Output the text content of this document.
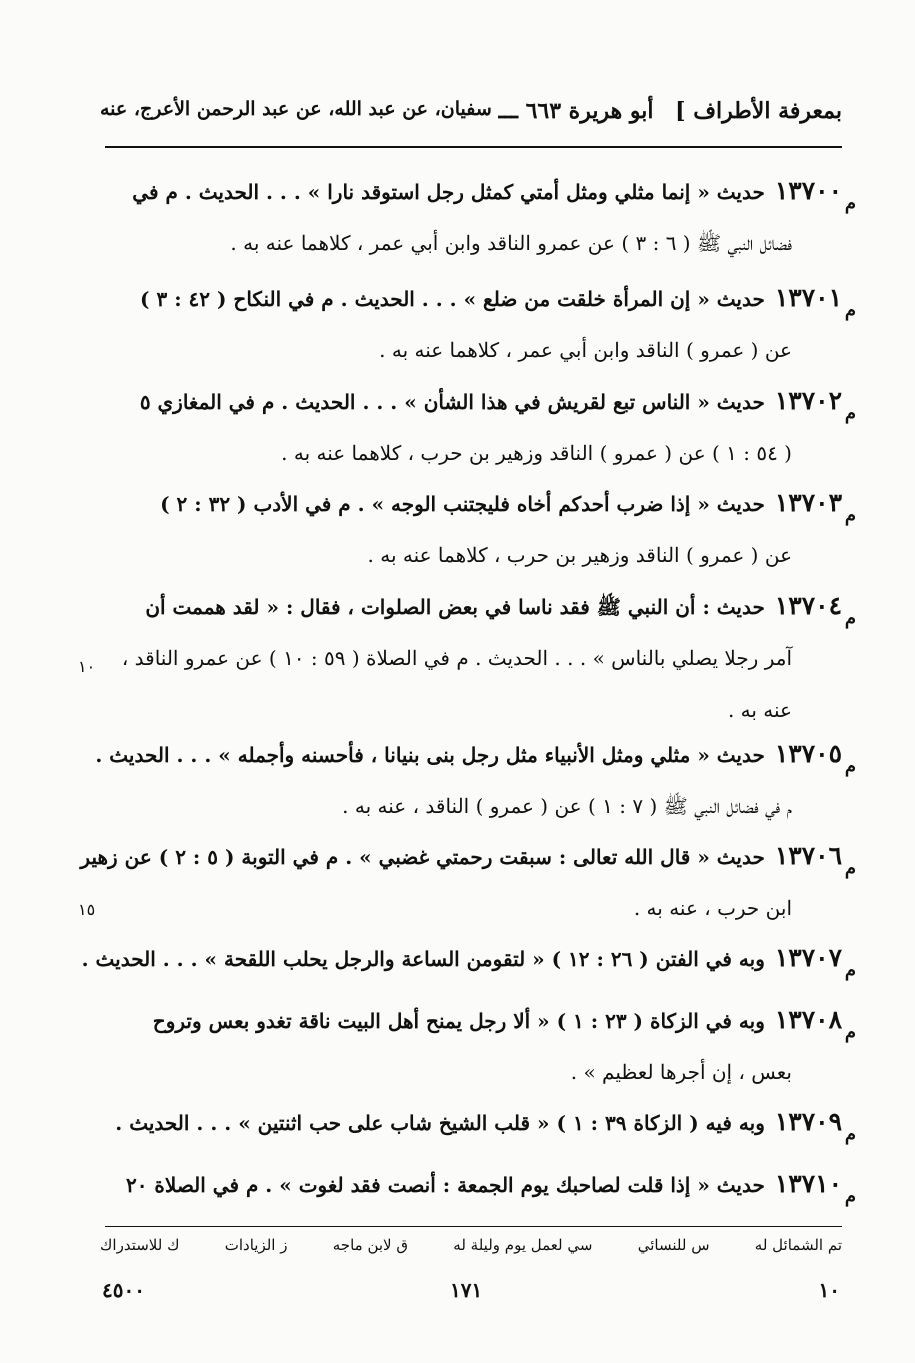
بمعرفة الأطراف ] أبو هريرة ٦٦٣ ـــ
سفيان، عن عبد الله، عن عبد الرحمن الأعرج، عنه
١٣٧٠٠حديث « إنما مثلي ومثل أمتي كمثل رجل استوقد نارا » . . . الحديث . م في	م
فضائل النبي ﷺ ( ٦ : ٣ ) عن عمرو الناقد وابن أبي عمر ، كلاهما عنه به .
١٣٧٠١حديث « إن المرأة خلقت من ضلع » . . . الحديث . م في النكاح ( ٤٢ : ٣ )	م
عن ( عمرو ) الناقد وابن أبي عمر ، كلاهما عنه به .
١٣٧٠٢حديث « الناس تبع لقريش في هذا الشأن » . . . الحديث . م في المغازي ٥	م
( ٥٤ : ١ ) عن ( عمرو ) الناقد وزهير بن حرب ، كلاهما عنه به .
١٣٧٠٣حديث « إذا ضرب أحدكم أخاه فليجتنب الوجه » . م في الأدب ( ٣٢ : ٢ )	م
عن ( عمرو ) الناقد وزهير بن حرب ، كلاهما عنه به .
١٣٧٠٤حديث : أن النبي ﷺ فقد ناسا في بعض الصلوات ، فقال : « لقد هممت أن	م
آمر رجلا يصلي بالناس » . . . الحديث . م في الصلاة ( ٥٩ : ١٠ ) عن عمرو الناقد ،
عنه به .
١٣٧٠٥حديث « مثلي ومثل الأنبياء مثل رجل بنى بنيانا ، فأحسنه وأجمله » . . . الحديث .	م
م في فضائل النبي ﷺ ( ٧ : ١ ) عن ( عمرو ) الناقد ، عنه به .
١٣٧٠٦حديث « قال الله تعالى : سبقت رحمتي غضبي » . م في التوبة ( ٥ : ٢ ) عن زهير	م
ابن حرب ، عنه به .
١٣٧٠٧وبه في الفتن ( ٢٦ : ١٢ ) « لتقومن الساعة والرجل يحلب اللقحة » . . . الحديث .	م
١٣٧٠٨وبه في الزكاة ( ٢٣ : ١ ) « ألا رجل يمنح أهل البيت ناقة تغدو بعس وتروح	م
بعس ، إن أجرها لعظيم » .
١٣٧٠٩وبه فيه ( الزكاة ٣٩ : ١ ) « قلب الشيخ شاب على حب اثنتين » . . . الحديث .	م
١٣٧١٠حديث « إذا قلت لصاحبك يوم الجمعة : أنصت فقد لغوت » . م في الصلاة ٢٠	م
١٠
١٥
تم الشمائل له
س للنسائي
سي لعمل يوم وليلة له
ق لابن ماجه
ز الزيادات
ك للاستدراك
٤٥٠٠	١٧١	١٠
